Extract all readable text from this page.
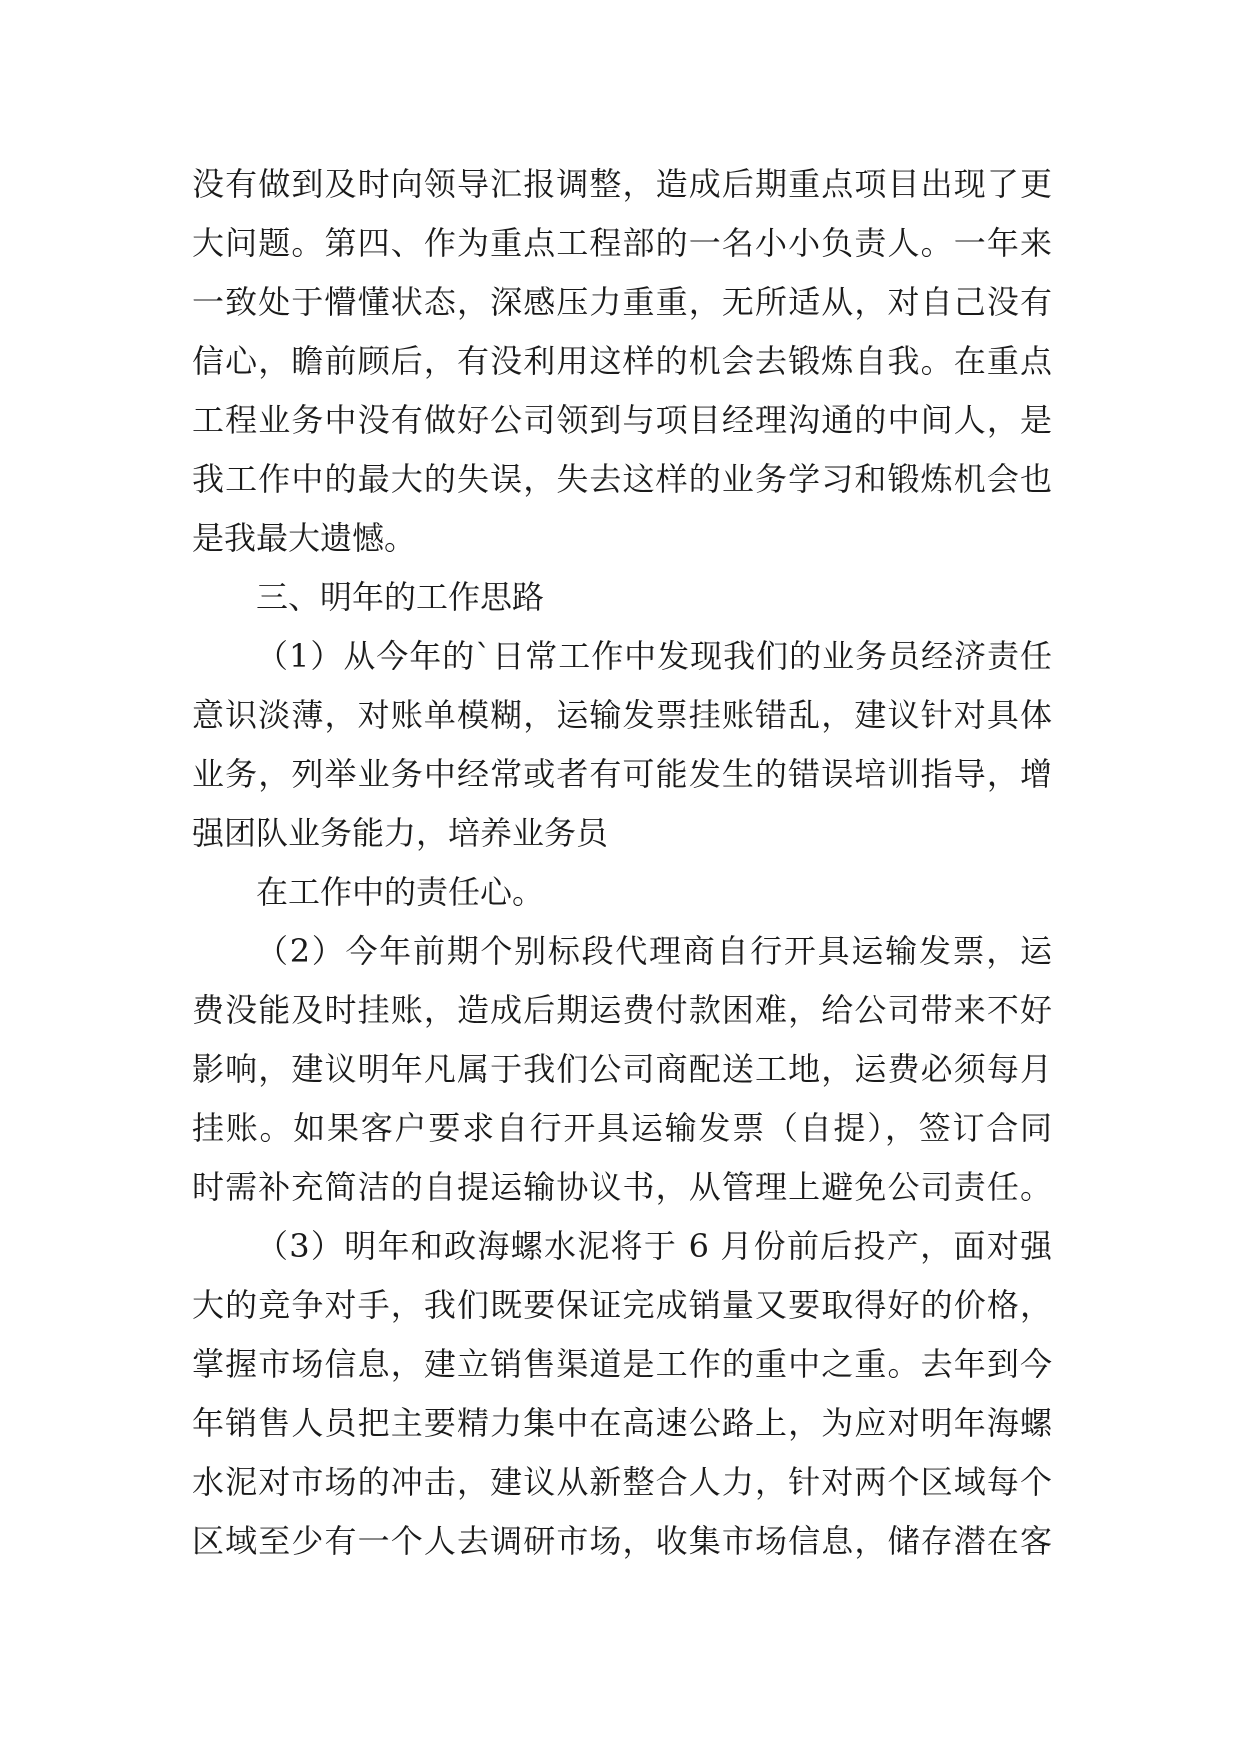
没有做到及时向领导汇报调整，造成后期重点项目出现了更
大问题。第四、作为重点工程部的一名小小负责人。一年来
一致处于懵懂状态，深感压力重重，无所适从，对自己没有
信心，瞻前顾后，有没利用这样的机会去锻炼自我。在重点
工程业务中没有做好公司领到与项目经理沟通的中间人，是
我工作中的最大的失误，失去这样的业务学习和锻炼机会也
是我最大遗憾。
三、明年的工作思路
（1）从今年的`日常工作中发现我们的业务员经济责任
意识淡薄，对账单模糊，运输发票挂账错乱，建议针对具体
业务，列举业务中经常或者有可能发生的错误培训指导，增
强团队业务能力，培养业务员
在工作中的责任心。
（2）今年前期个别标段代理商自行开具运输发票，运
费没能及时挂账，造成后期运费付款困难，给公司带来不好
影响，建议明年凡属于我们公司商配送工地，运费必须每月
挂账。如果客户要求自行开具运输发票（自提），签订合同
时需补充简洁的自提运输协议书，从管理上避免公司责任。
（3）明年和政海螺水泥将于 6 月份前后投产，面对强
大的竞争对手，我们既要保证完成销量又要取得好的价格，
掌握市场信息，建立销售渠道是工作的重中之重。去年到今
年销售人员把主要精力集中在高速公路上，为应对明年海螺
水泥对市场的冲击，建议从新整合人力，针对两个区域每个
区域至少有一个人去调研市场，收集市场信息，储存潜在客
